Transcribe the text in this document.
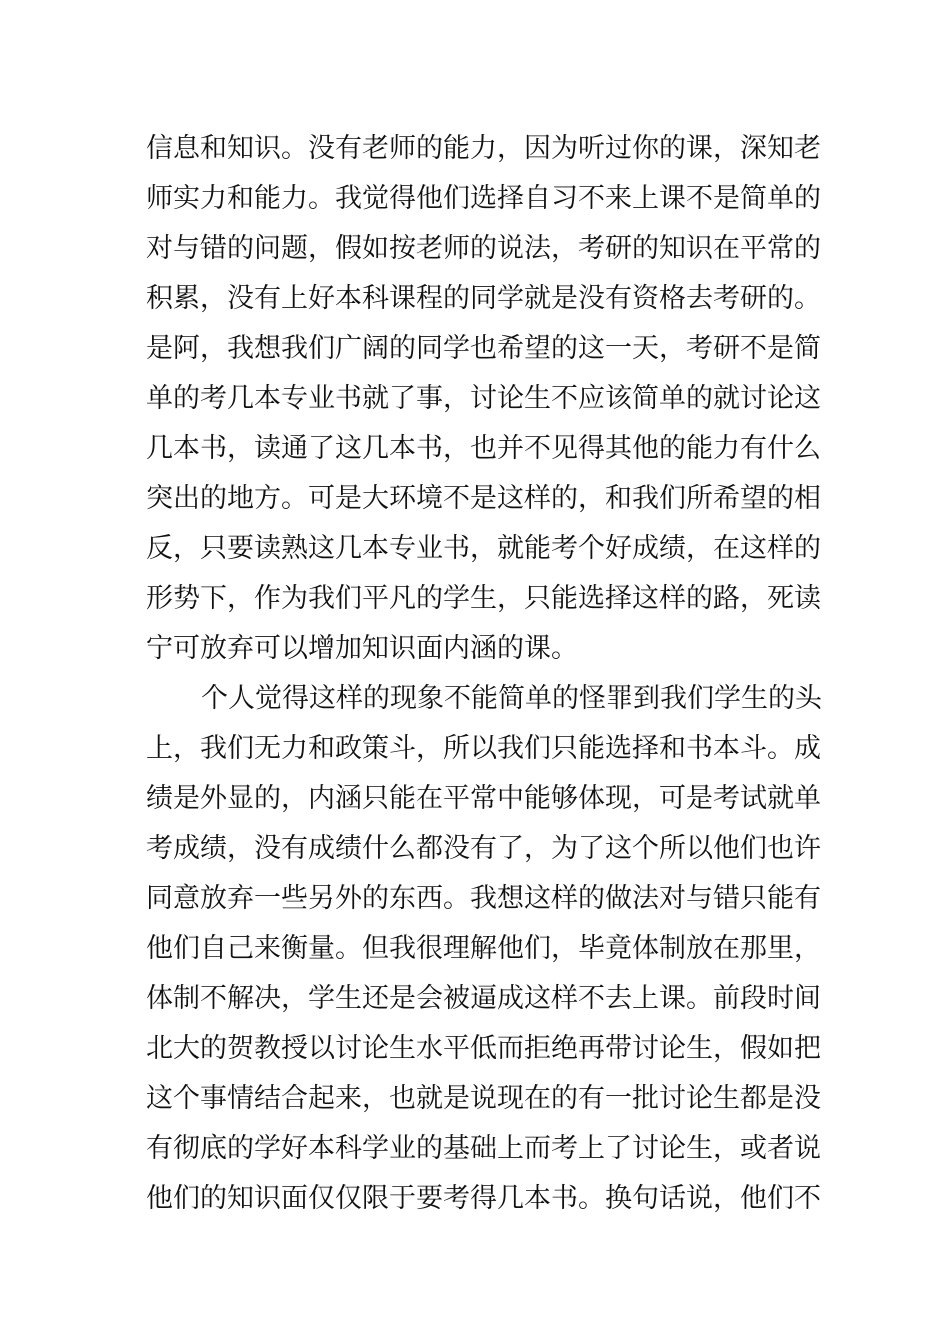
信息和知识。没有老师的能力，因为听过你的课，深知老
师实力和能力。我觉得他们选择自习不来上课不是简单的
对与错的问题，假如按老师的说法，考研的知识在平常的
积累，没有上好本科课程的同学就是没有资格去考研的。
是阿，我想我们广阔的同学也希望的这一天，考研不是简
单的考几本专业书就了事，讨论生不应该简单的就讨论这
几本书，读通了这几本书，也并不见得其他的能力有什么
突出的地方。可是大环境不是这样的，和我们所希望的相
反，只要读熟这几本专业书，就能考个好成绩，在这样的
形势下，作为我们平凡的学生，只能选择这样的路，死读
宁可放弃可以增加知识面内涵的课。
个人觉得这样的现象不能简单的怪罪到我们学生的头
上，我们无力和政策斗，所以我们只能选择和书本斗。成
绩是外显的，内涵只能在平常中能够体现，可是考试就单
考成绩，没有成绩什么都没有了，为了这个所以他们也许
同意放弃一些另外的东西。我想这样的做法对与错只能有
他们自己来衡量。但我很理解他们，毕竟体制放在那里，
体制不解决，学生还是会被逼成这样不去上课。前段时间
北大的贺教授以讨论生水平低而拒绝再带讨论生，假如把
这个事情结合起来，也就是说现在的有一批讨论生都是没
有彻底的学好本科学业的基础上而考上了讨论生，或者说
他们的知识面仅仅限于要考得几本书。换句话说，他们不
